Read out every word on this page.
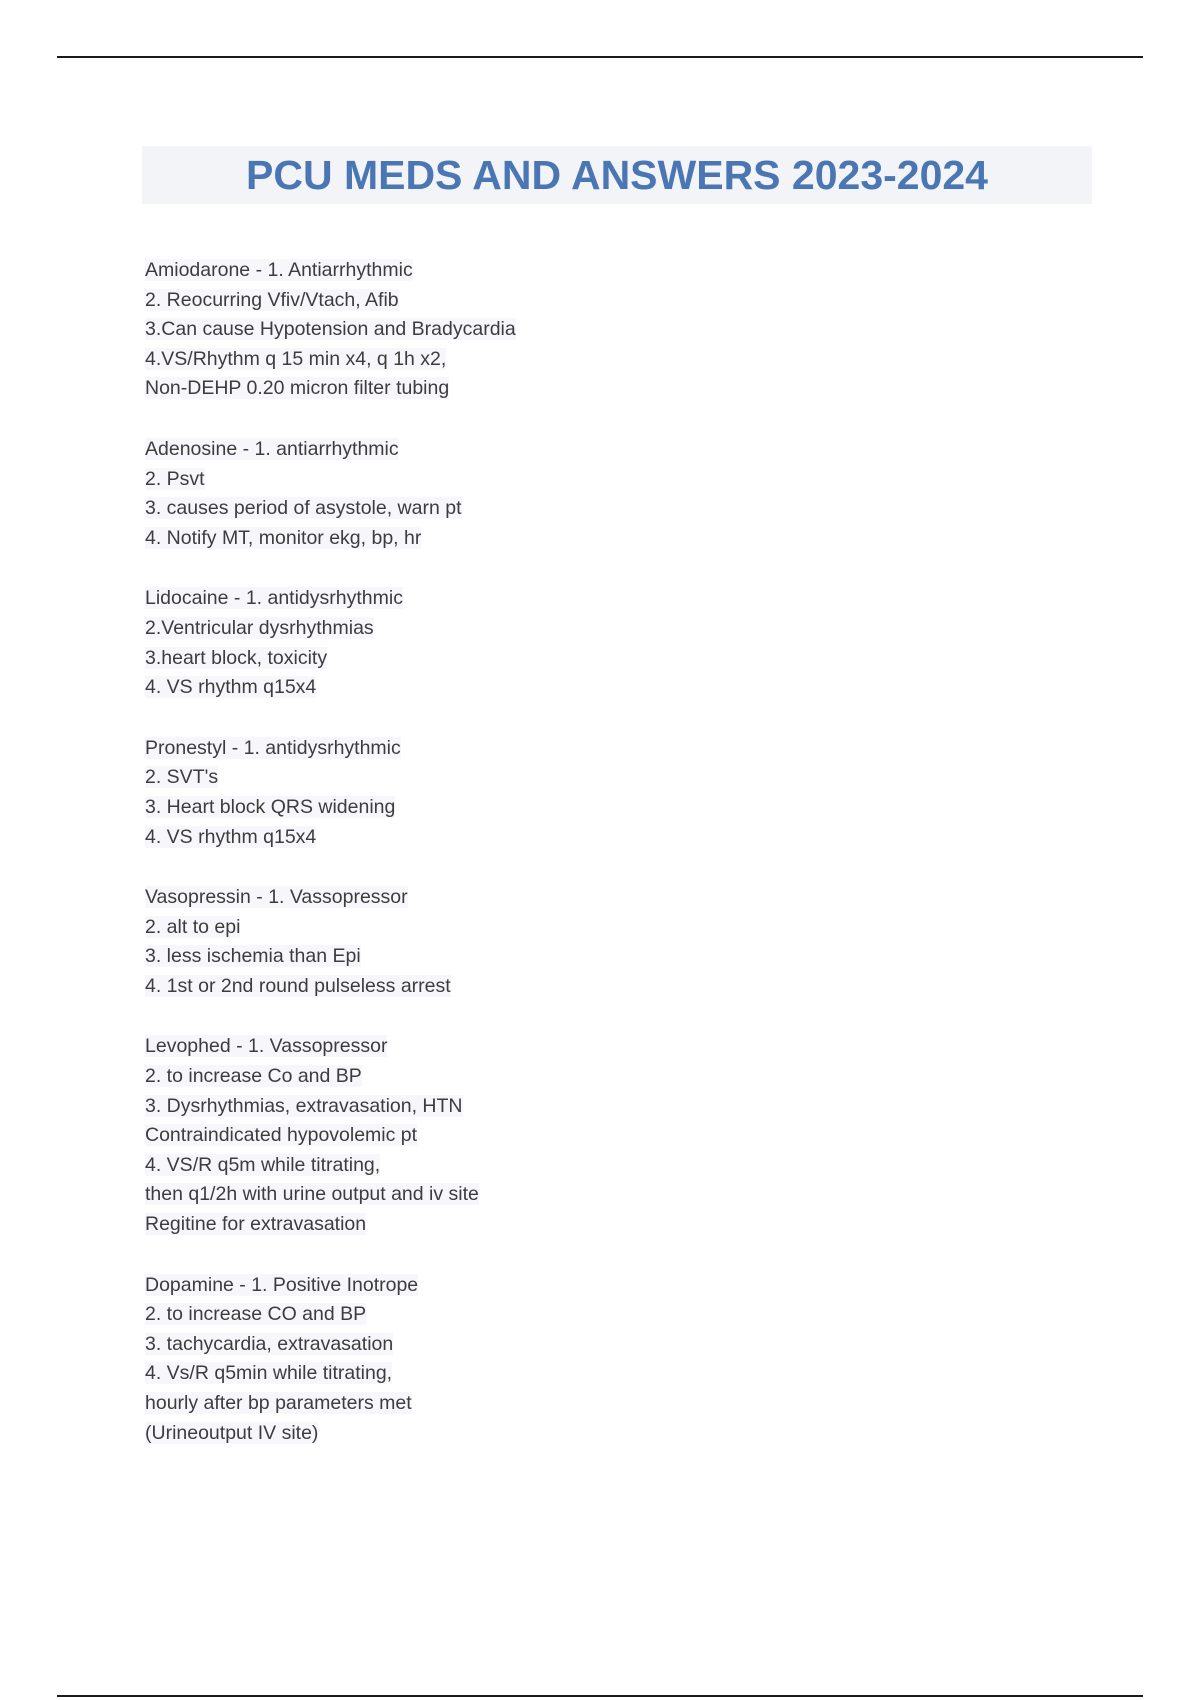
PCU MEDS AND ANSWERS 2023-2024
Amiodarone - 1. Antiarrhythmic
2. Reocurring Vfiv/Vtach, Afib
3.Can cause Hypotension and Bradycardia
4.VS/Rhythm q 15 min x4, q 1h x2,
Non-DEHP 0.20 micron filter tubing
Adenosine - 1. antiarrhythmic
2. Psvt
3. causes period of asystole, warn pt
4. Notify MT, monitor ekg, bp, hr
Lidocaine - 1. antidysrhythmic
2.Ventricular dysrhythmias
3.heart block, toxicity
4. VS rhythm q15x4
Pronestyl - 1. antidysrhythmic
2. SVT's
3. Heart block QRS widening
4. VS rhythm q15x4
Vasopressin - 1. Vassopressor
2. alt to epi
3. less ischemia than Epi
4. 1st or 2nd round pulseless arrest
Levophed - 1. Vassopressor
2. to increase Co and BP
3. Dysrhythmias, extravasation, HTN
Contraindicated hypovolemic pt
4. VS/R q5m while titrating,
then q1/2h with urine output and iv site
Regitine for extravasation
Dopamine - 1. Positive Inotrope
2. to increase CO and BP
3. tachycardia, extravasation
4. Vs/R q5min while titrating,
hourly after bp parameters met
(Urineoutput IV site)
